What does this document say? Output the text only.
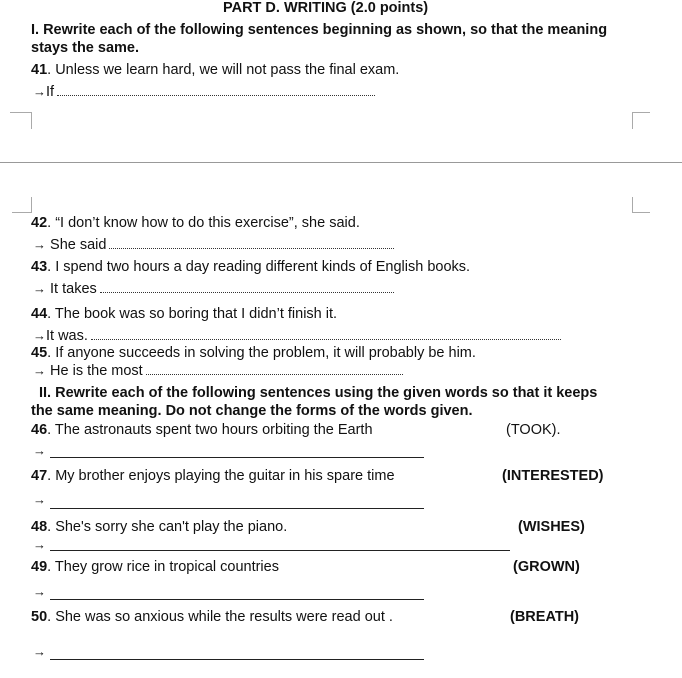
PART D. WRITING (2.0 points)
I. Rewrite each of the following sentences beginning as shown, so that the meaning
stays the same.
41. Unless we learn hard, we will not pass the final exam.
→If
42. “I don’t know how to do this exercise”, she said.
→ She said
43. I spend two hours a day reading different kinds of English books.
→ It takes
44. The book was so boring that I didn’t finish it.
→It was.
45. If anyone succeeds in solving the problem, it will probably be him.
→ He is the most
II. Rewrite each of the following sentences using the given words so that it keeps
the same meaning. Do not change the forms of the words given.
46. The astronauts spent two hours orbiting the Earth	(TOOK).
→
47. My brother enjoys playing the guitar in his spare time	(INTERESTED)
→
48. She's sorry she can't play the piano.	(WISHES)
→
49. They grow rice in tropical countries	(GROWN)
→
50. She was so anxious while the results were read out .	(BREATH)
→
